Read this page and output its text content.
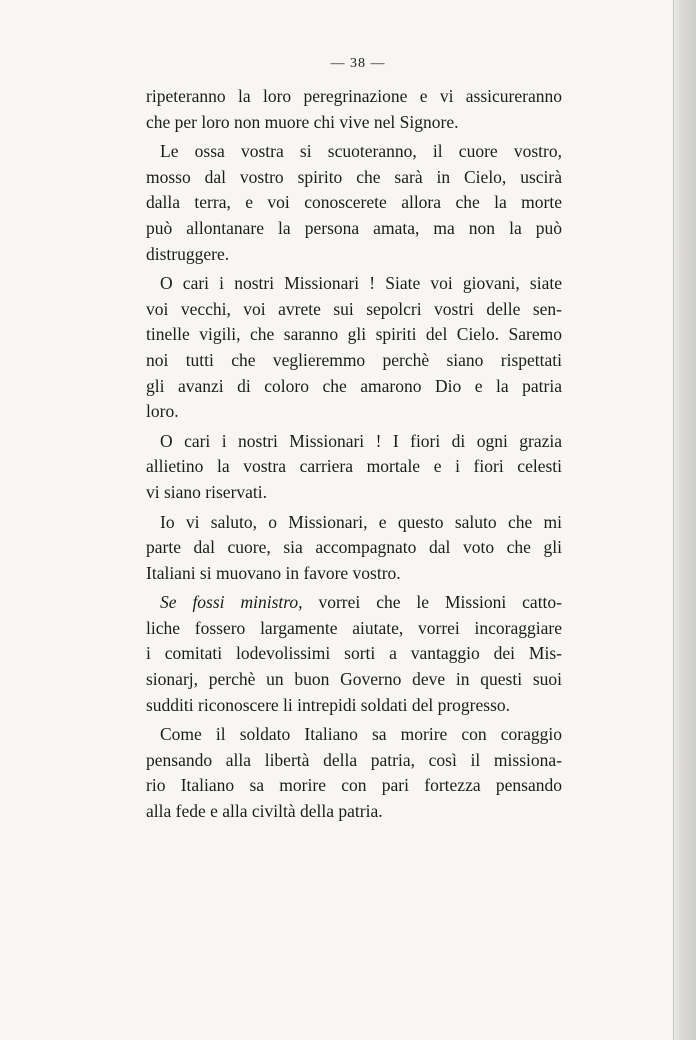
— 38 —
ripeteranno la loro peregrinazione e vi assicureranno
che per loro non muore chi vive nel Signore.
Le ossa vostra si scuoteranno, il cuore vostro,
mosso dal vostro spirito che sarà in Cielo, uscirà
dalla terra, e voi conoscerete allora che la morte
può allontanare la persona amata, ma non la può
distruggere.
O cari i nostri Missionari ! Siate voi giovani, siate
voi vecchi, voi avrete sui sepolcri vostri delle sen-
tinelle vigili, che saranno gli spiriti del Cielo. Saremo
noi tutti che veglieremmo perchè siano rispettati
gli avanzi di coloro che amarono Dio e la patria
loro.
O cari i nostri Missionari ! I fiori di ogni grazia
allietino la vostra carriera mortale e i fiori celesti
vi siano riservati.
Io vi saluto, o Missionari, e questo saluto che mi
parte dal cuore, sia accompagnato dal voto che gli
Italiani si muovano in favore vostro.
Se fossi ministro, vorrei che le Missioni catto-
liche fossero largamente aiutate, vorrei incoraggiare
i comitati lodevolissimi sorti a vantaggio dei Mis-
sionarj, perchè un buon Governo deve in questi suoi
sudditi riconoscere li intrepidi soldati del progresso.
Come il soldato Italiano sa morire con coraggio
pensando alla libertà della patria, così il missiona-
rio Italiano sa morire con pari fortezza pensando
alla fede e alla civiltà della patria.
